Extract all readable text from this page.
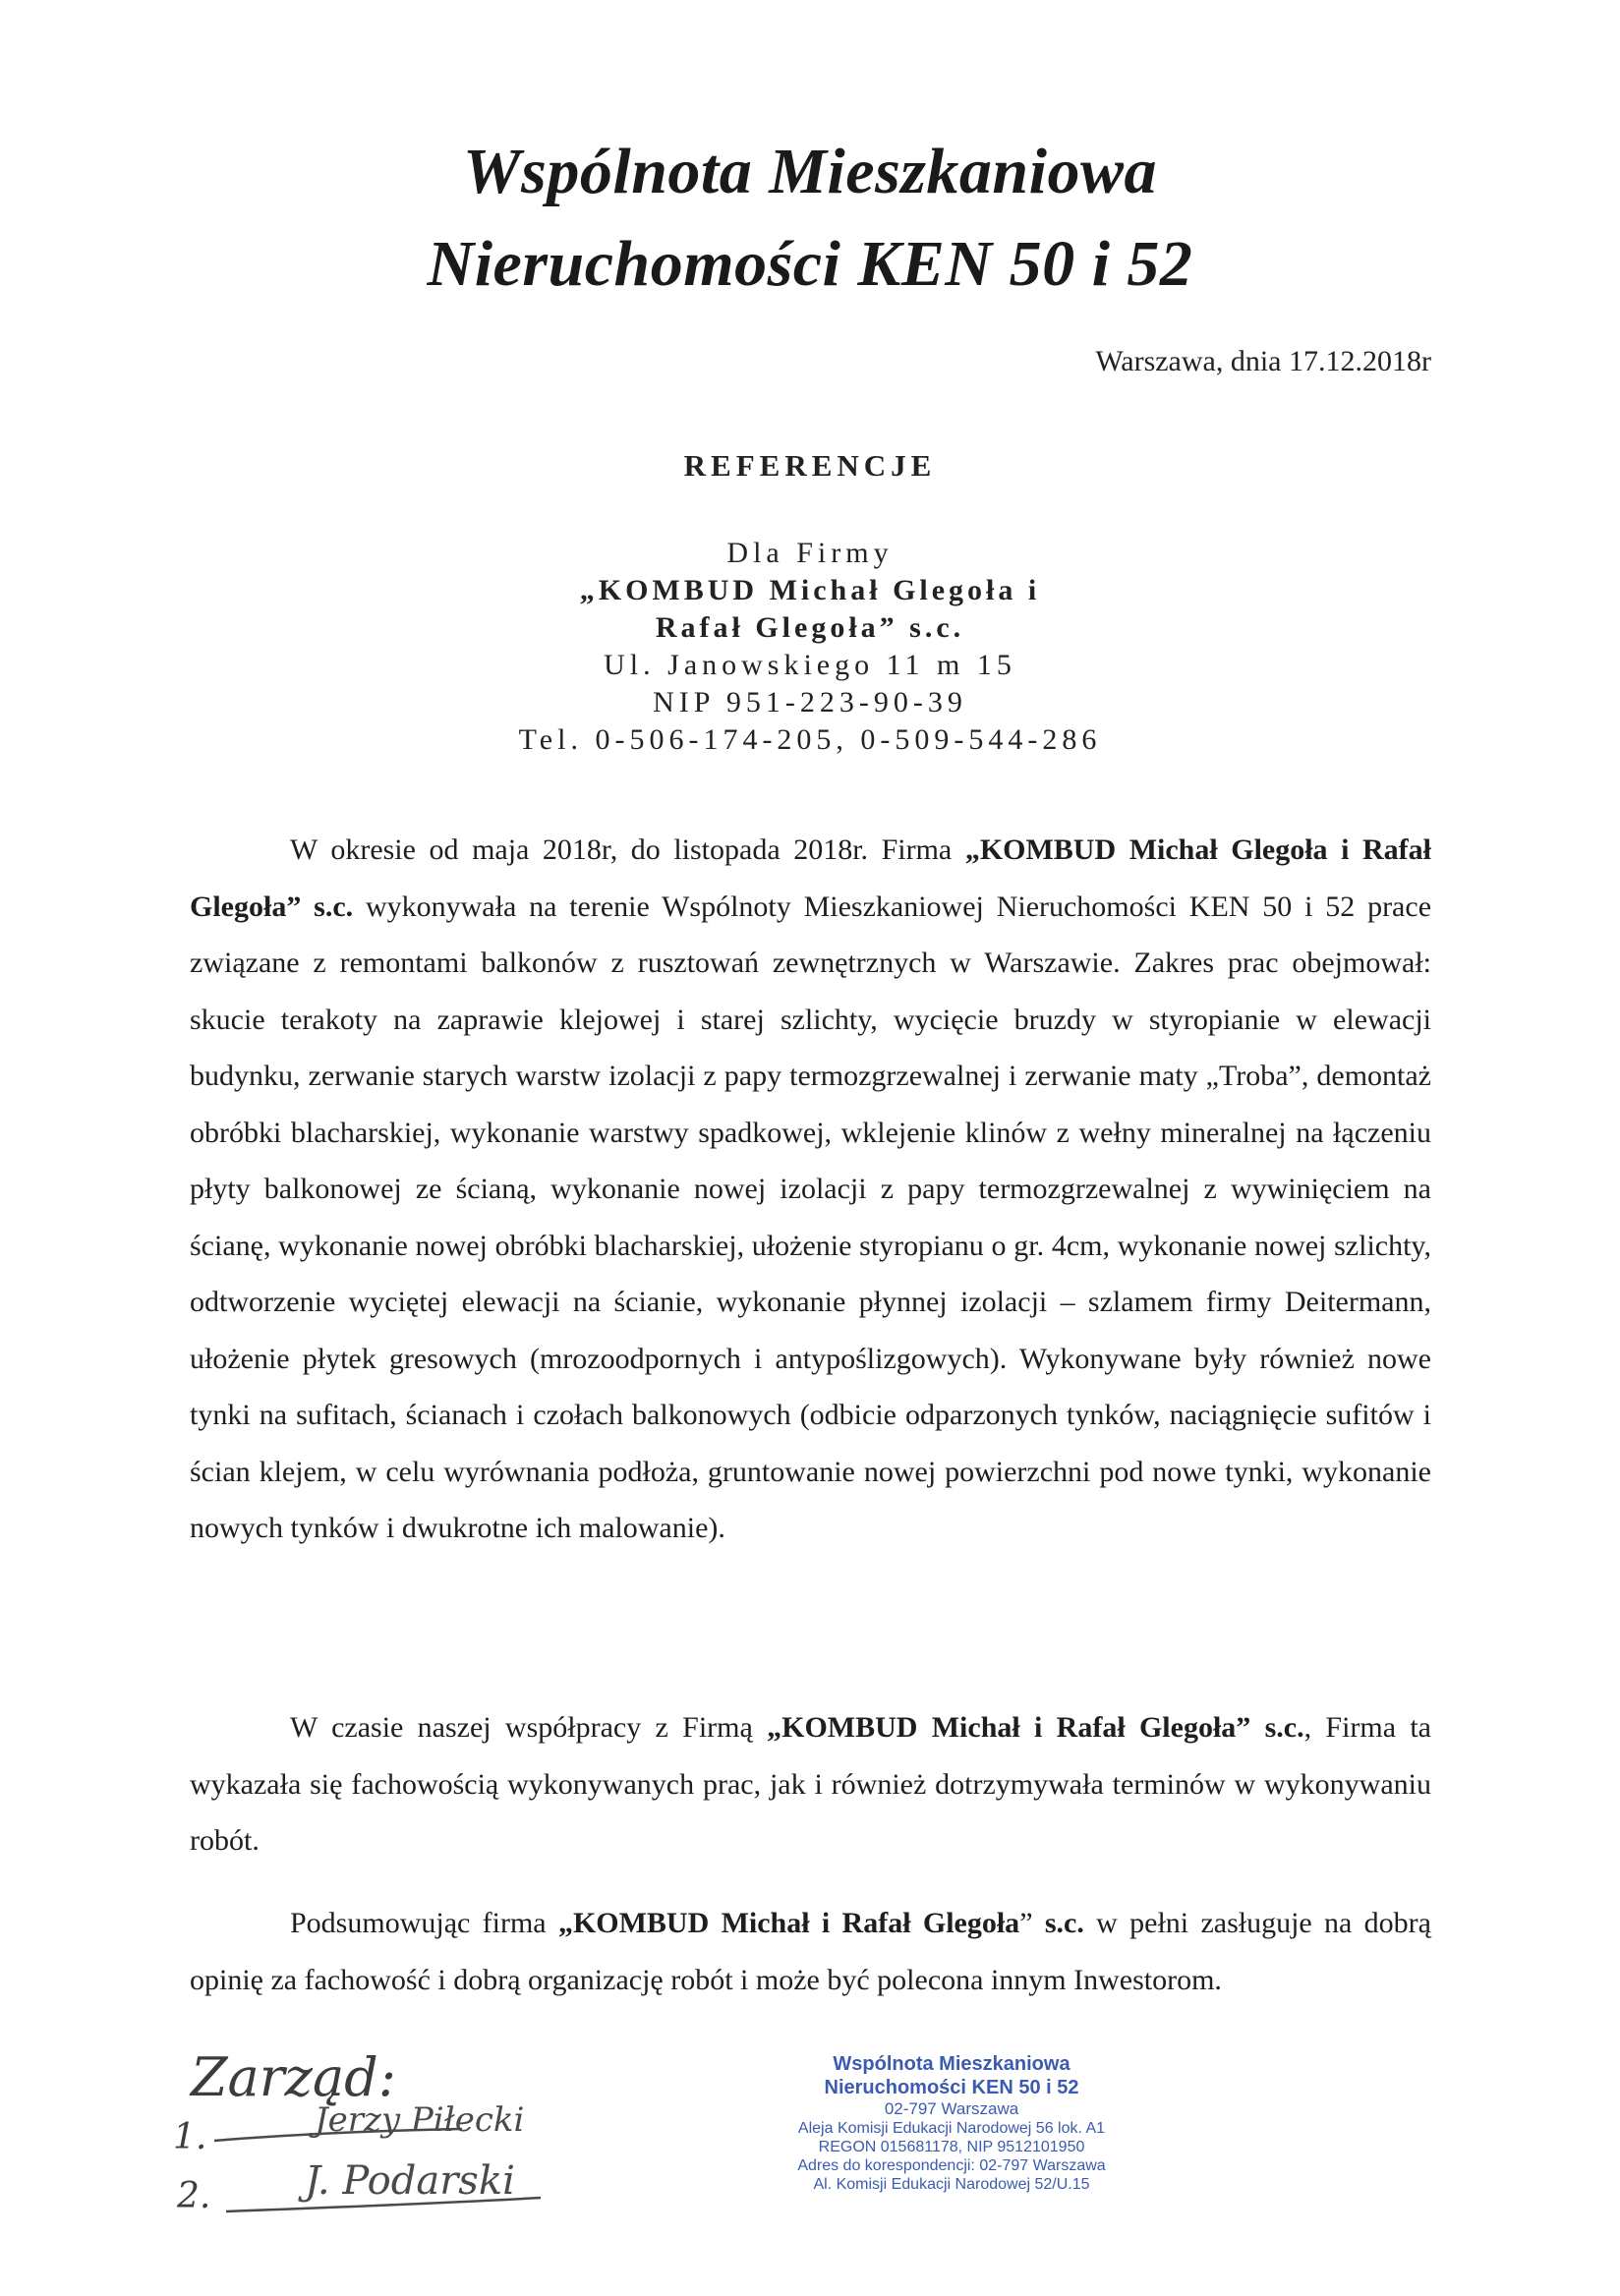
Wspólnota Mieszkaniowa
Nieruchomości KEN 50 i 52
Warszawa, dnia 17.12.2018r
REFERENCJE
Dla Firmy
„KOMBUD Michał Glegoła i
Rafał Glegoła” s.c.
Ul. Janowskiego 11 m 15
NIP 951-223-90-39
Tel. 0-506-174-205, 0-509-544-286

W okresie od maja 2018r, do listopada 2018r. Firma „KOMBUD Michał Glegoła i Rafał Glegoła” s.c. wykonywała na terenie Wspólnoty Mieszkaniowej Nieruchomości KEN 50 i 52 prace związane z remontami balkonów z rusztowań zewnętrznych w Warszawie. Zakres prac obejmował: skucie terakoty na zaprawie klejowej i starej szlichty, wycięcie bruzdy w styropianie w elewacji budynku, zerwanie starych warstw izolacji z papy termozgrzewalnej i zerwanie maty „Troba”, demontaż obróbki blacharskiej, wykonanie warstwy spadkowej, wklejenie klinów z wełny mineralnej na łączeniu płyty balkonowej ze ścianą, wykonanie nowej izolacji z papy termozgrzewalnej z wywinięciem na ścianę, wykonanie nowej obróbki blacharskiej, ułożenie styropianu o gr. 4cm, wykonanie nowej szlichty, odtworzenie wyciętej elewacji na ścianie, wykonanie płynnej izolacji – szlamem firmy Deitermann, ułożenie płytek gresowych (mrozoodpornych i antypoślizgowych). Wykonywane były również nowe tynki na sufitach, ścianach i czołach balkonowych (odbicie odparzonych tynków, naciągnięcie sufitów i ścian klejem, w celu wyrównania podłoża, gruntowanie nowej powierzchni pod nowe tynki, wykonanie nowych tynków i dwukrotne ich malowanie).

W czasie naszej współpracy z Firmą „KOMBUD Michał i Rafał Glegoła” s.c., Firma ta wykazała się fachowością wykonywanych prac, jak i również dotrzymywała terminów w wykonywaniu robót.

Podsumowując firma „KOMBUD Michał i Rafał Glegoła” s.c. w pełni zasługuje na dobrą opinię za fachowość i dobrą organizację robót i może być polecona innym Inwestorom.

Zarząd:
1.	Jerzy Piłecki
2. J. Podarski
Wspólnota Mieszkaniowa
Nieruchomości KEN 50 i 52
02-797 Warszawa
Aleja Komisji Edukacji Narodowej 56 lok. A1
REGON 015681178, NIP 9512101950
Adres do korespondencji: 02-797 Warszawa
Al. Komisji Edukacji Narodowej 52/U.15
